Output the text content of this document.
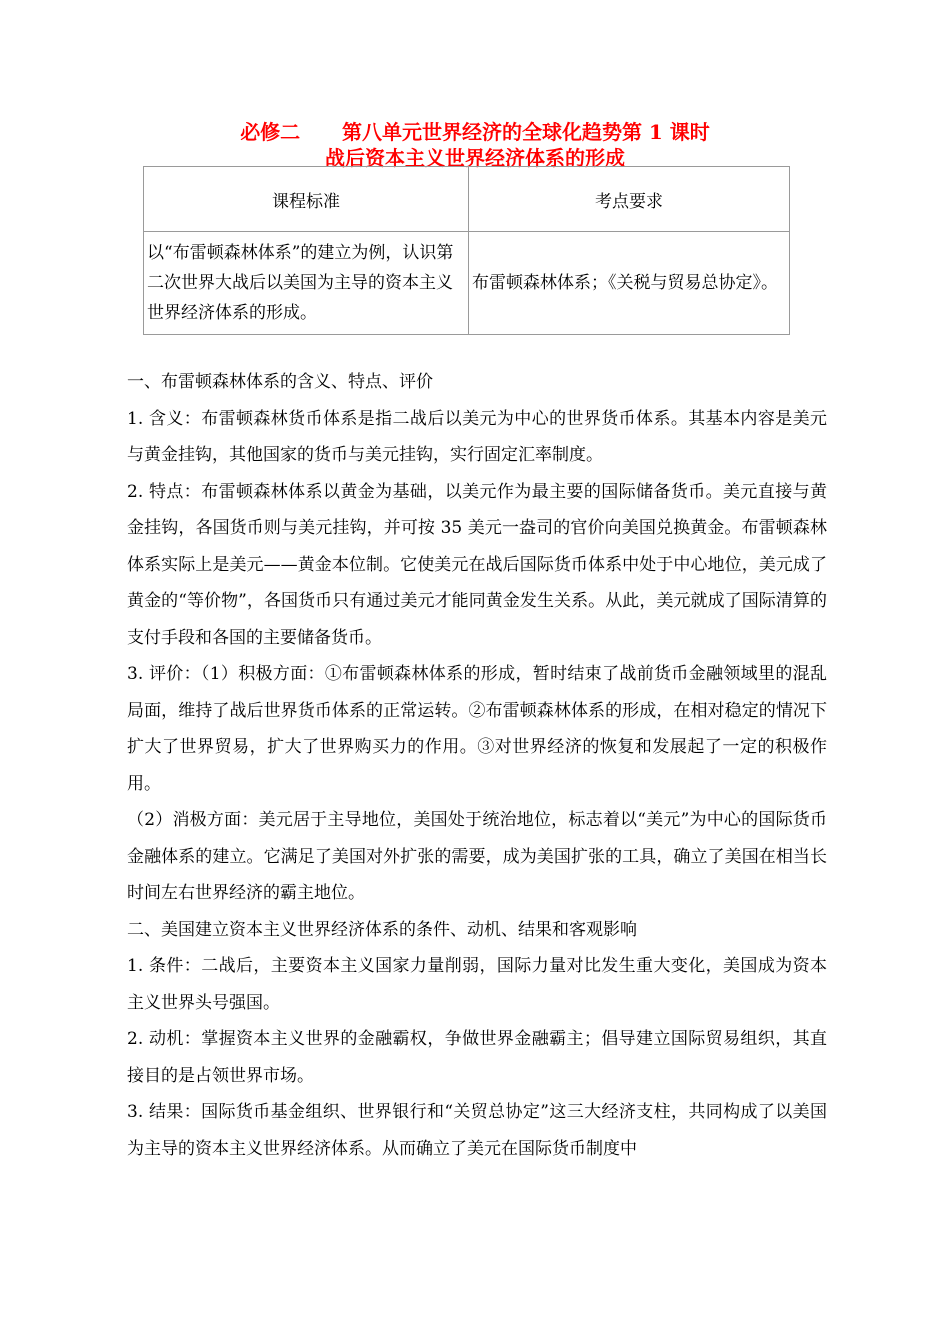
必修二      第八单元世界经济的全球化趋势第 1 课时
战后资本主义世界经济体系的形成
课程标准	考点要求
以“布雷顿森林体系”的建立为例，认识第二次世界大战后以美国为主导的资本主义世界经济体系的形成。	布雷顿森林体系；《关税与贸易总协定》。

一、布雷顿森林体系的含义、特点、评价

1. 含义：布雷顿森林货币体系是指二战后以美元为中心的世界货币体系。其基本内容是美元与黄金挂钩，其他国家的货币与美元挂钩，实行固定汇率制度。

2. 特点：布雷顿森林体系以黄金为基础，以美元作为最主要的国际储备货币。美元直接与黄金挂钩，各国货币则与美元挂钩，并可按 35 美元一盎司的官价向美国兑换黄金。布雷顿森林体系实际上是美元——黄金本位制。它使美元在战后国际货币体系中处于中心地位，美元成了黄金的“等价物”，各国货币只有通过美元才能同黄金发生关系。从此，美元就成了国际清算的支付手段和各国的主要储备货币。

3. 评价：（1）积极方面：①布雷顿森林体系的形成，暂时结束了战前货币金融领域里的混乱局面，维持了战后世界货币体系的正常运转。②布雷顿森林体系的形成，在相对稳定的情况下扩大了世界贸易，扩大了世界购买力的作用。③对世界经济的恢复和发展起了一定的积极作用。

（2）消极方面：美元居于主导地位，美国处于统治地位，标志着以“美元”为中心的国际货币金融体系的建立。它满足了美国对外扩张的需要，成为美国扩张的工具，确立了美国在相当长时间左右世界经济的霸主地位。

二、美国建立资本主义世界经济体系的条件、动机、结果和客观影响

1. 条件：二战后，主要资本主义国家力量削弱，国际力量对比发生重大变化，美国成为资本主义世界头号强国。

2. 动机：掌握资本主义世界的金融霸权，争做世界金融霸主；倡导建立国际贸易组织，其直接目的是占领世界市场。

3. 结果：国际货币基金组织、世界银行和“关贸总协定”这三大经济支柱，共同构成了以美国为主导的资本主义世界经济体系。从而确立了美元在国际货币制度中
